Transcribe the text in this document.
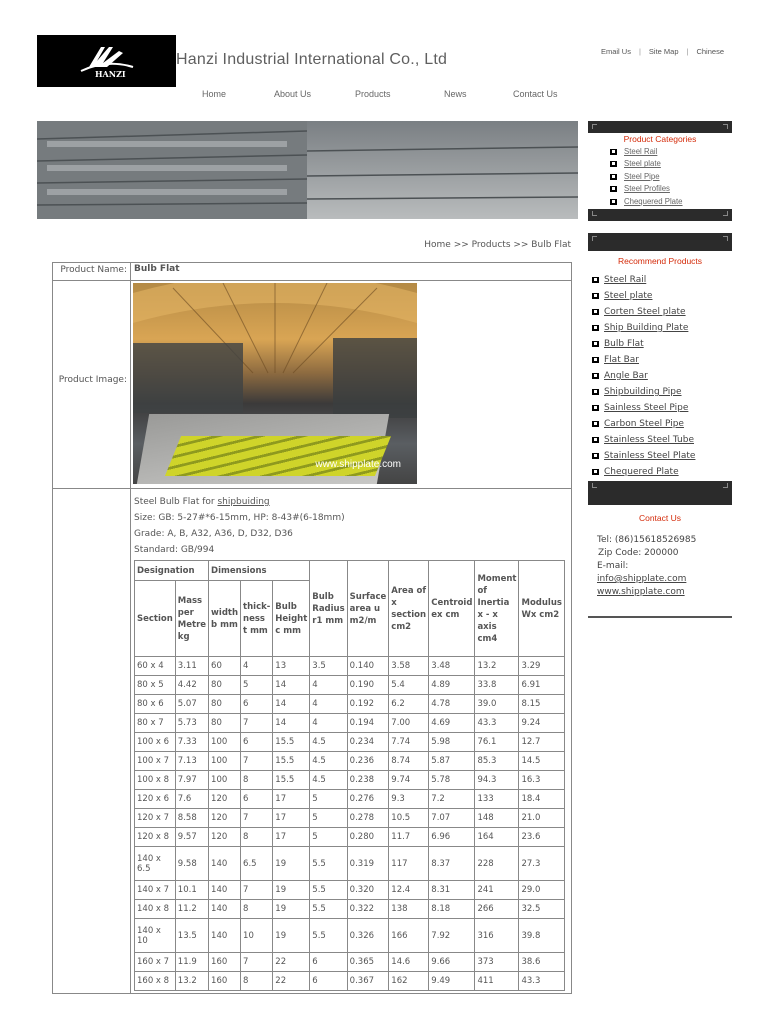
HANZI
Hanzi Industrial International Co., Ltd	Email Us | Site Map | Chinese
Home	About Us	Products	News	Contact Us
Product Categories
Steel Rail
Steel plate
Steel Pipe
Steel Profiles
Chequered Plate
Recommend Products
Steel Rail
Steel plate
Corten Steel plate
Ship Building Plate
Bulb Flat
Flat Bar
Angle Bar
Shipbuilding Pipe
Sainless Steel Pipe
Carbon Steel Pipe
Stainless Steel Tube
Stainless Steel Plate
Chequered Plate
Contact Us
Tel: (86)15618526985
Zip Code: 200000
E-mail:
info@shipplate.com
www.shipplate.com
Home >> Products >> Bulb Flat
Product Name: Bulb Flat
Product Image:
www.shipplate.com
Steel Bulb Flat for shipbuiding
Size: GB: 5-27#*6-15mm, HP: 8-43#(6-18mm)
Grade: A, B, A32, A36, D, D32, D36
Standard: GB/994
Designation		Dimensions			Bulb Radius r1 mm	Surface area u m2/m	Area of x section cm2	Centroid ex cm	Moment of Inertia x - x axis cm4	Modulus Wx cm2
Section	Mass per Metre kg	width b mm	thick- ness t mm	Bulb Height c mm						
60 x 4	3.11	60	4	13	3.5	0.140	3.58	3.48	13.2	3.29
80 x 5	4.42	80	5	14	4	0.190	5.4	4.89	33.8	6.91
80 x 6	5.07	80	6	14	4	0.192	6.2	4.78	39.0	8.15
80 x 7	5.73	80	7	14	4	0.194	7.00	4.69	43.3	9.24
100 x 6	7.33	100	6	15.5	4.5	0.234	7.74	5.98	76.1	12.7
100 x 7	7.13	100	7	15.5	4.5	0.236	8.74	5.87	85.3	14.5
100 x 8	7.97	100	8	15.5	4.5	0.238	9.74	5.78	94.3	16.3
120 x 6	7.6	120	6	17	5	0.276	9.3	7.2	133	18.4
120 x 7	8.58	120	7	17	5	0.278	10.5	7.07	148	21.0
120 x 8	9.57	120	8	17	5	0.280	11.7	6.96	164	23.6
140 x 6.5	9.58	140	6.5	19	5.5	0.319	117	8.37	228	27.3
140 x 7	10.1	140	7	19	5.5	0.320	12.4	8.31	241	29.0
140 x 8	11.2	140	8	19	5.5	0.322	138	8.18	266	32.5
140 x 10	13.5	140	10	19	5.5	0.326	166	7.92	316	39.8
160 x 7	11.9	160	7	22	6	0.365	14.6	9.66	373	38.6
160 x 8	13.2	160	8	22	6	0.367	162	9.49	411	43.3
